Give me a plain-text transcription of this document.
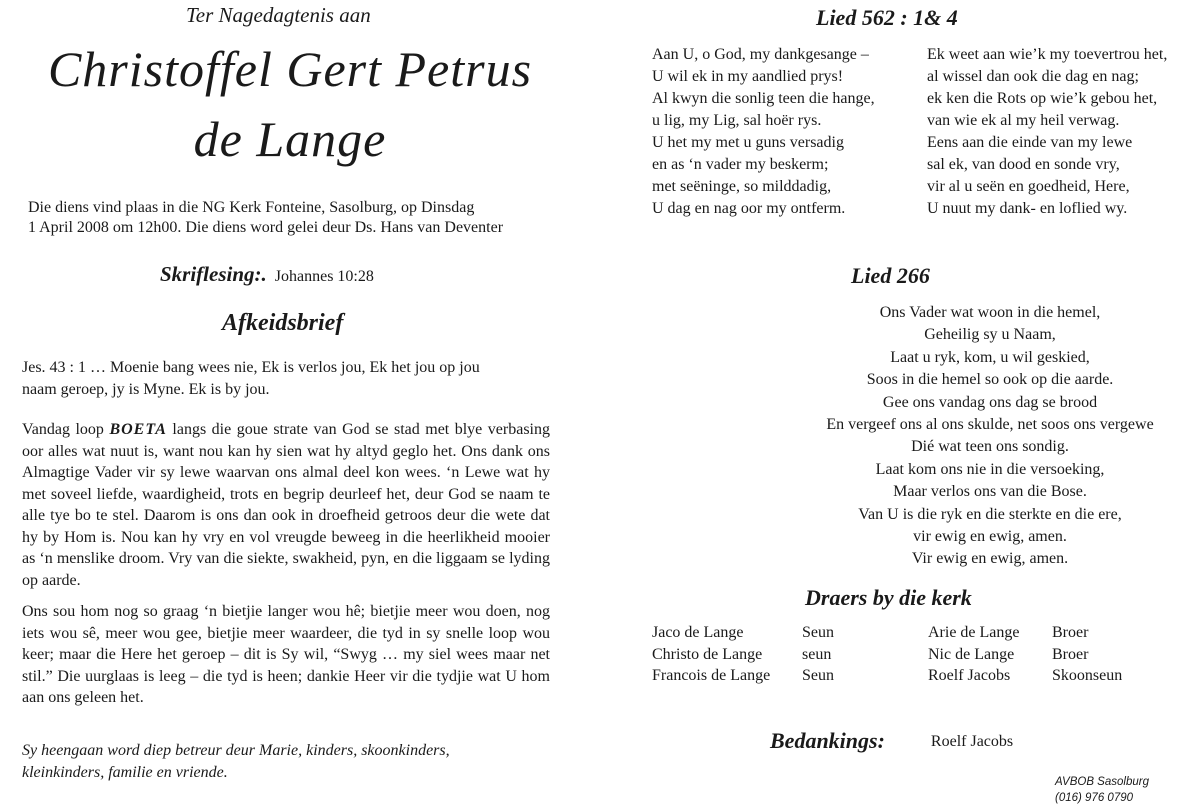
Ter Nagedagtenis aan
Christoffel Gert Petrus
de Lange
Die diens vind plaas in die NG Kerk Fonteine, Sasolburg, op Dinsdag
1 April 2008 om 12h00. Die diens word gelei deur Ds. Hans van Deventer
Skriflesing:. Johannes 10:28
Afkeidsbrief
Jes. 43 : 1 … Moenie bang wees nie, Ek is verlos jou, Ek het jou op jou
naam geroep, jy is Myne. Ek is by jou.
Vandag loop BOETA langs die goue strate van God se stad met blye verbasing oor alles wat nuut is, want nou kan hy sien wat hy altyd geglo het. Ons dank ons Almagtige Vader vir sy lewe waarvan ons almal deel kon wees. ‘n Lewe wat hy met soveel liefde, waardigheid, trots en begrip deurleef het, deur God se naam te alle tye bo te stel. Daarom is ons dan ook in droefheid getroos deur die wete dat hy by Hom is. Nou kan hy vry en vol vreugde beweeg in die heerlikheid mooier as ‘n menslike droom. Vry van die siekte, swakheid, pyn, en die liggaam se lyding op aarde.
Ons sou hom nog so graag ‘n bietjie langer wou hê; bietjie meer wou doen, nog iets wou sê, meer wou gee, bietjie meer waardeer, die tyd in sy snelle loop wou keer; maar die Here het geroep – dit is Sy wil, “Swyg … my siel wees maar net stil.” Die uurglaas is leeg – die tyd is heen; dankie Heer vir die tydjie wat U hom aan ons geleen het.
Sy heengaan word diep betreur deur Marie, kinders, skoonkinders,
kleinkinders, familie en vriende.
Lied 562 : 1& 4
Aan U, o God, my dankgesange –
U wil ek in my aandlied prys!
Al kwyn die sonlig teen die hange,
u lig, my Lig, sal hoër rys.
U het my met u guns versadig
en as ‘n vader my beskerm;
met seëninge, so milddadig,
U dag en nag oor my ontferm.
Ek weet aan wie’k my toevertrou het,
al wissel dan ook die dag en nag;
ek ken die Rots op wie’k gebou het,
van wie ek al my heil verwag.
Eens aan die einde van my lewe
sal ek, van dood en sonde vry,
vir al u seën en goedheid, Here,
U nuut my dank- en loflied wy.
Lied 266
Ons Vader wat woon in die hemel,
Geheilig sy u Naam,
Laat u ryk, kom, u wil geskied,
Soos in die hemel so ook op die aarde.
Gee ons vandag ons dag se brood
En vergeef ons al ons skulde, net soos ons vergewe
Dié wat teen ons sondig.
Laat kom ons nie in die versoeking,
Maar verlos ons van die Bose.
Van U is die ryk en die sterkte en die ere,
vir ewig en ewig, amen.
Vir ewig en ewig, amen.
Draers by die kerk
Jaco de Lange	Seun	Arie de Lange Broer
Christo de Lange seun	Nic de Lange Broer
Francois de Lange Seun	Roelf Jacobs	Skoonseun
Bedankings:	Roelf Jacobs
AVBOB Sasolburg
(016) 976 0790
